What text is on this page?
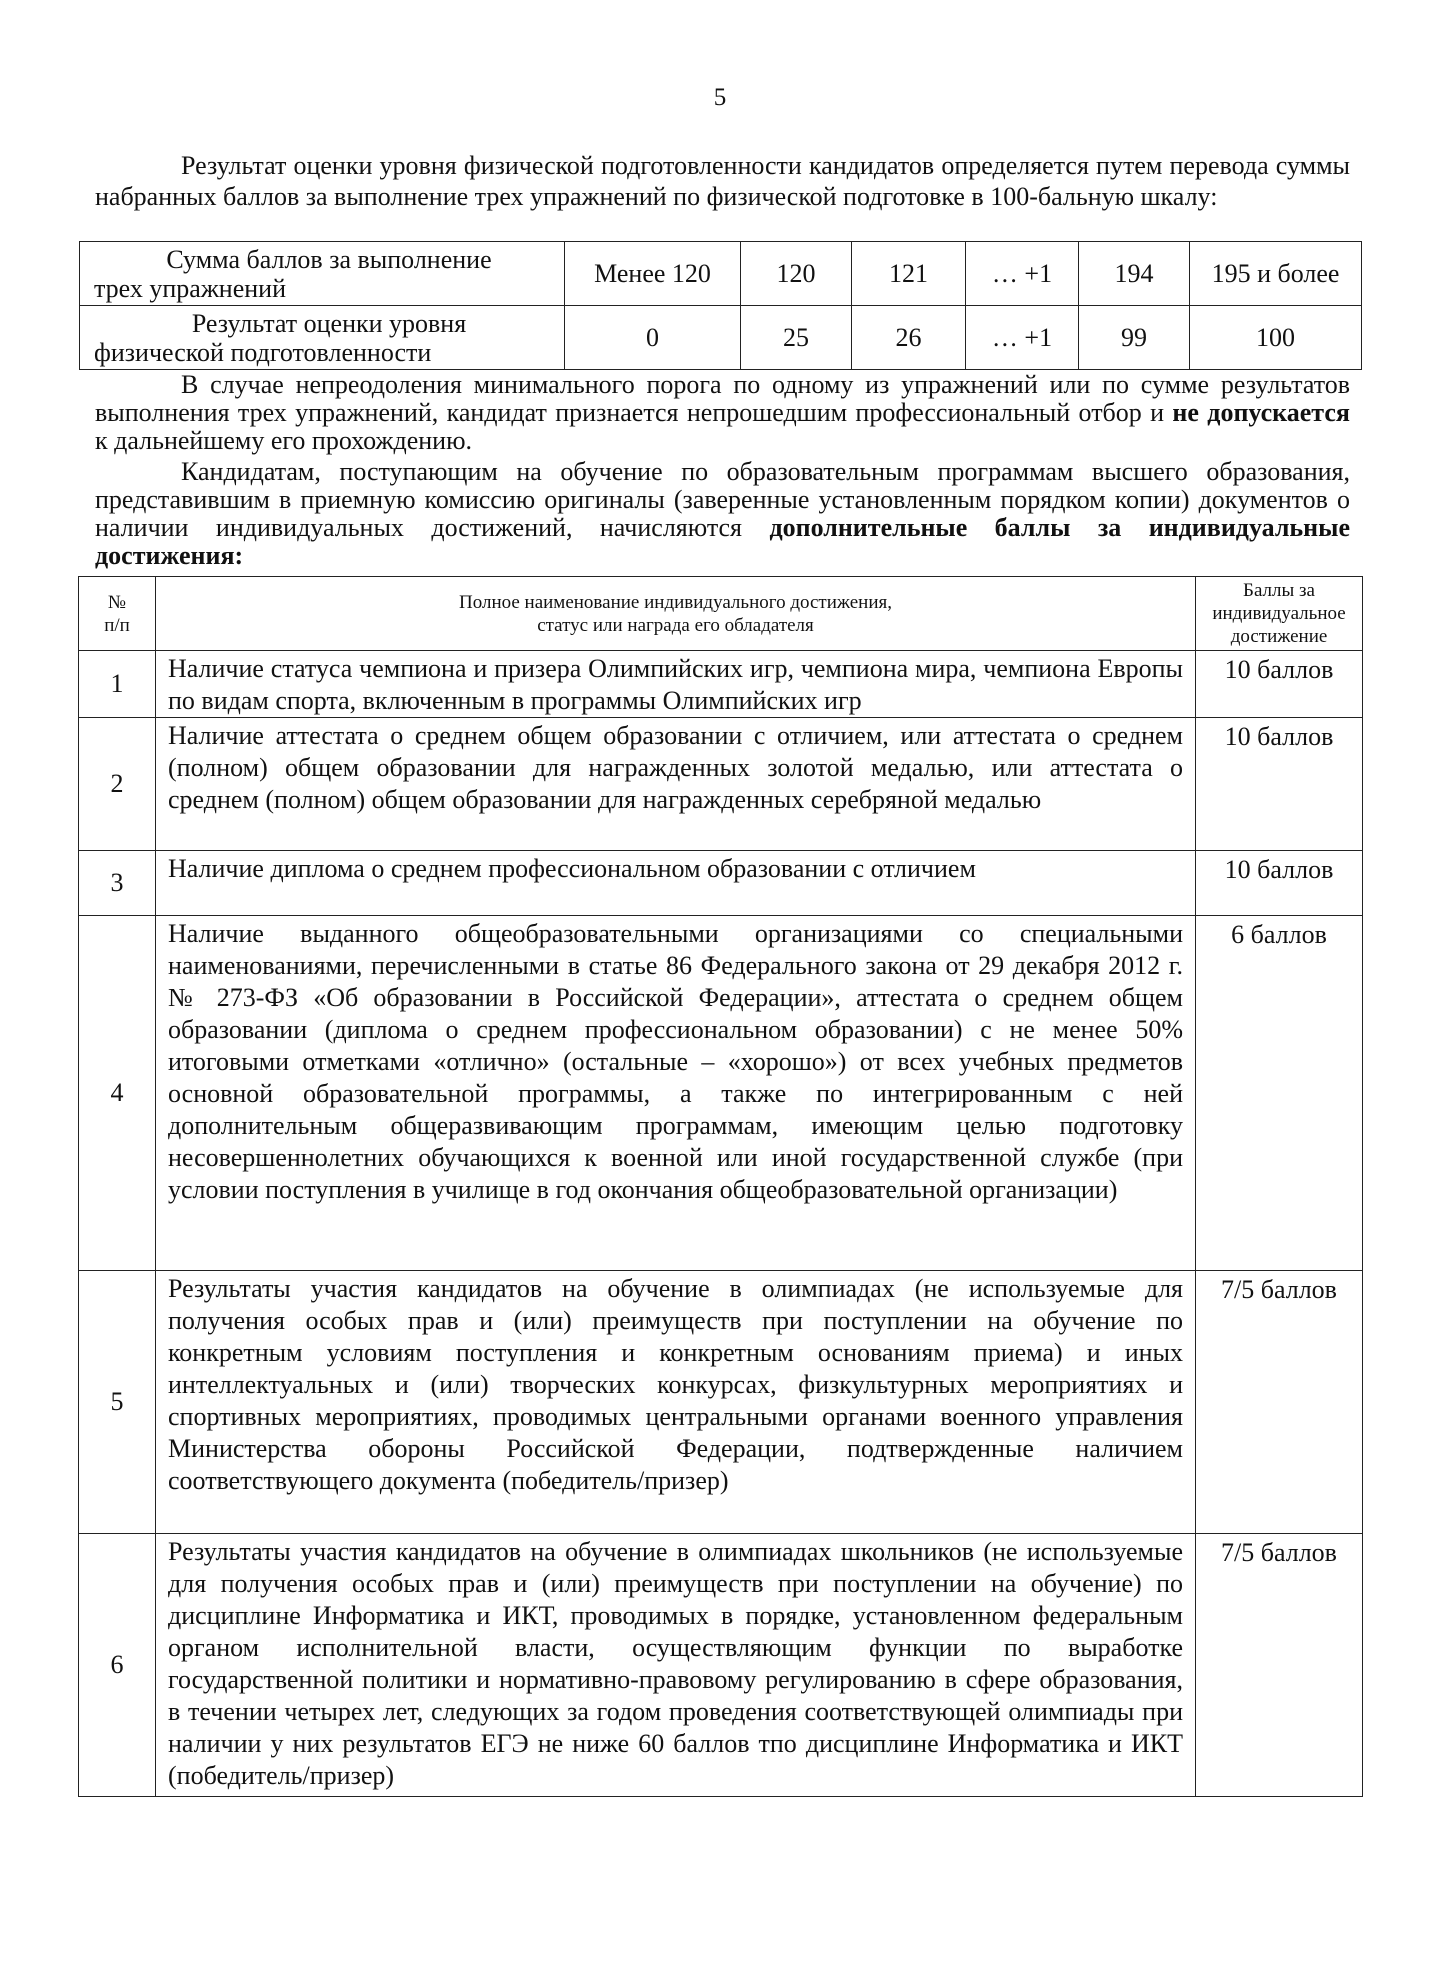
5

Результат оценки уровня физической подготовленности кандидатов определяется путем перевода суммы набранных баллов за выполнение трех упражнений по физической подготовке в 100-бальную шкалу:

Сумма баллов за выполнение
трех упражнений	Менее 120	120	121	… +1	194	195 и более

Результат оценки уровня
физической подготовленности	0	25	26	… +1	99	100

В случае непреодоления минимального порога по одному из упражнений или по сумме результатов выполнения трех упражнений, кандидат признается непрошедшим профессиональный отбор и не допускается к дальнейшему его прохождению.

Кандидатам, поступающим на обучение по образовательным программам высшего образования, представившим в приемную комиссию оригиналы (заверенные установленным порядком копии) документов о наличии индивидуальных достижений, начисляются дополнительные баллы за индивидуальные достижения:

№
п/п	Полное наименование индивидуального достижения,
статус или награда его обладателя	Баллы за
индивидуальное
достижение
1	Наличие статуса чемпиона и призера Олимпийских игр, чемпиона мира, чемпиона Европы по видам спорта, включенным в программы Олимпийских игр	10 баллов
2	Наличие аттестата о среднем общем образовании с отличием, или аттестата о среднем (полном) общем образовании для награжденных золотой медалью, или аттестата о среднем (полном) общем образовании для награжденных серебряной медалью	10 баллов
3	Наличие диплома о среднем профессиональном образовании с отличием	10 баллов
4	Наличие выданного общеобразовательными организациями со специальными наименованиями, перечисленными в статье 86 Федерального закона от 29 декабря 2012 г. № 273-ФЗ «Об образовании в Российской Федерации», аттестата о среднем общем образовании (диплома о среднем профессиональном образовании) с не менее 50% итоговыми отметками «отлично» (остальные – «хорошо») от всех учебных предметов основной образовательной программы, а также по интегрированным с ней дополнительным общеразвивающим программам, имеющим целью подготовку несовершеннолетних обучающихся к военной или иной государственной службе (при условии поступления в училище в год окончания общеобразовательной организации)	6 баллов
5	Результаты участия кандидатов на обучение в олимпиадах (не используемые для получения особых прав и (или) преимуществ при поступлении на обучение по конкретным условиям поступления и конкретным основаниям приема) и иных интеллектуальных и (или) творческих конкурсах, физкультурных мероприятиях и спортивных мероприятиях, проводимых центральными органами военного управления Министерства обороны Российской Федерации, подтвержденные наличием соответствующего документа (победитель/призер)	7/5 баллов
6	Результаты участия кандидатов на обучение в олимпиадах школьников (не используемые для получения особых прав и (или) преимуществ при поступлении на обучение) по дисциплине Информатика и ИКТ, проводимых в порядке, установленном федеральным органом исполнительной власти, осуществляющим функции по выработке государственной политики и нормативно-правовому регулированию в сфере образования, в течении четырех лет, следующих за годом проведения соответствующей олимпиады при наличии у них результатов ЕГЭ не ниже 60 баллов тпо дисциплине Информатика и ИКТ (победитель/призер)	7/5 баллов
